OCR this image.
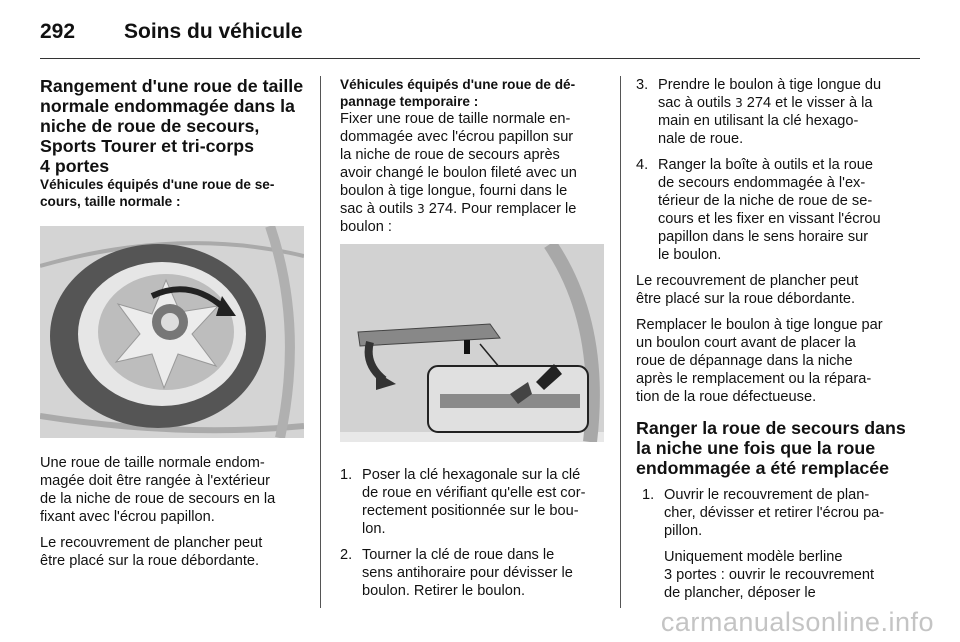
292 Soins du véhicule
Rangement d'une roue de taille
normale endommagée dans la
niche de roue de secours,
Sports Tourer et tri-corps
4 portes
Véhicules équipés d'une roue de se-
cours, taille normale :

Une roue de taille normale endom-
magée doit être rangée à l'extérieur
de la niche de roue de secours en la
fixant avec l'écrou papillon.

Le recouvrement de plancher peut
être placé sur la roue débordante.

Véhicules équipés d'une roue de dé-
pannage temporaire :

Fixer une roue de taille normale en-
dommagée avec l'écrou papillon sur
la niche de roue de secours après
avoir changé le boulon fileté avec un
boulon à tige longue, fourni dans le
sac à outils 3 274. Pour remplacer le
boulon :

1. Poser la clé hexagonale sur la clé
de roue en vérifiant qu'elle est cor-
rectement positionnée sur le bou-
lon.
2. Tourner la clé de roue dans le
sens antihoraire pour dévisser le
boulon. Retirer le boulon.
3. Prendre le boulon à tige longue du
sac à outils 3 274 et le visser à la
main en utilisant la clé hexago-
nale de roue.
4. Ranger la boîte à outils et la roue
de secours endommagée à l'ex-
térieur de la niche de roue de se-
cours et les fixer en vissant l'écrou
papillon dans le sens horaire sur
le boulon.

Le recouvrement de plancher peut
être placé sur la roue débordante.

Remplacer le boulon à tige longue par
un boulon court avant de placer la
roue de dépannage dans la niche
après le remplacement ou la répara-
tion de la roue défectueuse.

Ranger la roue de secours dans
la niche une fois que la roue
endommagée a été remplacée
1. Ouvrir le recouvrement de plan-
cher, dévisser et retirer l'écrou pa-
pillon.
Uniquement modèle berline
3 portes : ouvrir le recouvrement
de plancher, déposer le
carmanualsonline.info
